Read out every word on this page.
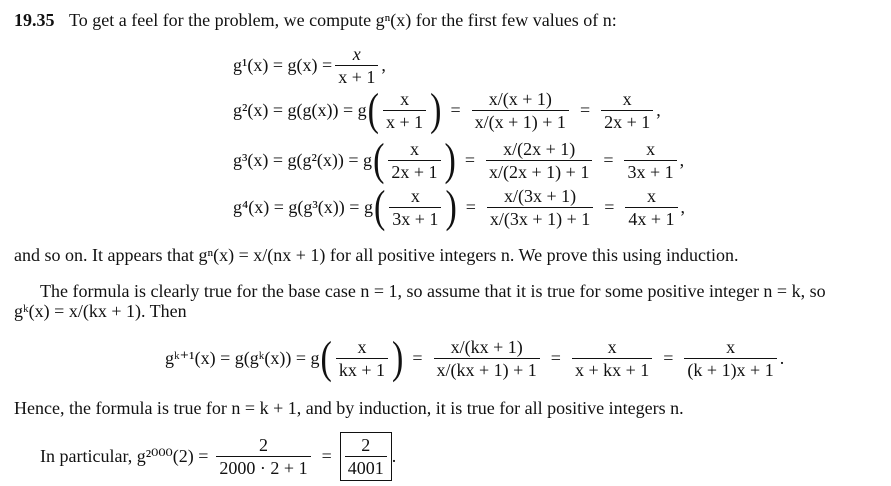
19.35 To get a feel for the problem, we compute gⁿ(x) for the first few values of n:
$g^1(x) = g(x) = \frac{x}{x + 1}$ ,
g²(x) = g(g(x)) = g ( $\frac{x}{x + 1}$ ) = $\frac{x/(x + 1)}{x/(x + 1) + 1} = \frac{x}{2x + 1}$ ,
g³(x) = g(g²(x)) = g ( $\frac{x}{2x + 1}$ ) = $\frac{x/(2x + 1)}{x/(2x + 1) + 1} = \frac{x}{3x + 1}$ ,
g⁴(x) = g(g³(x)) = g ( $\frac{x}{3x + 1}$ ) = $\frac{x/(3x + 1)}{x/(3x + 1) + 1} = \frac{x}{4x + 1}$ ,
and so on. It appears that gⁿ(x) = x/(nx + 1) for all positive integers n. We prove this using induction.
The formula is clearly true for the base case n = 1, so assume that it is true for some positive integer n = k, so
gᵏ(x) = x/(kx + 1). Then
gᵏ⁺¹(x) = g(gᵏ(x)) = g ( $\frac{x}{kx + 1}$ ) = $\frac{x/(kx + 1)}{x/(kx + 1) + 1} = \frac{x}{x + kx + 1} = \frac{x}{(k + 1)x + 1}$ .
Hence, the formula is true for n = k + 1, and by induction, it is true for all positive integers n.
In particular, $g^{2000}(2) = \frac{2}{2000 \cdot 2 + 1} = \frac{2}{4001}$ .
